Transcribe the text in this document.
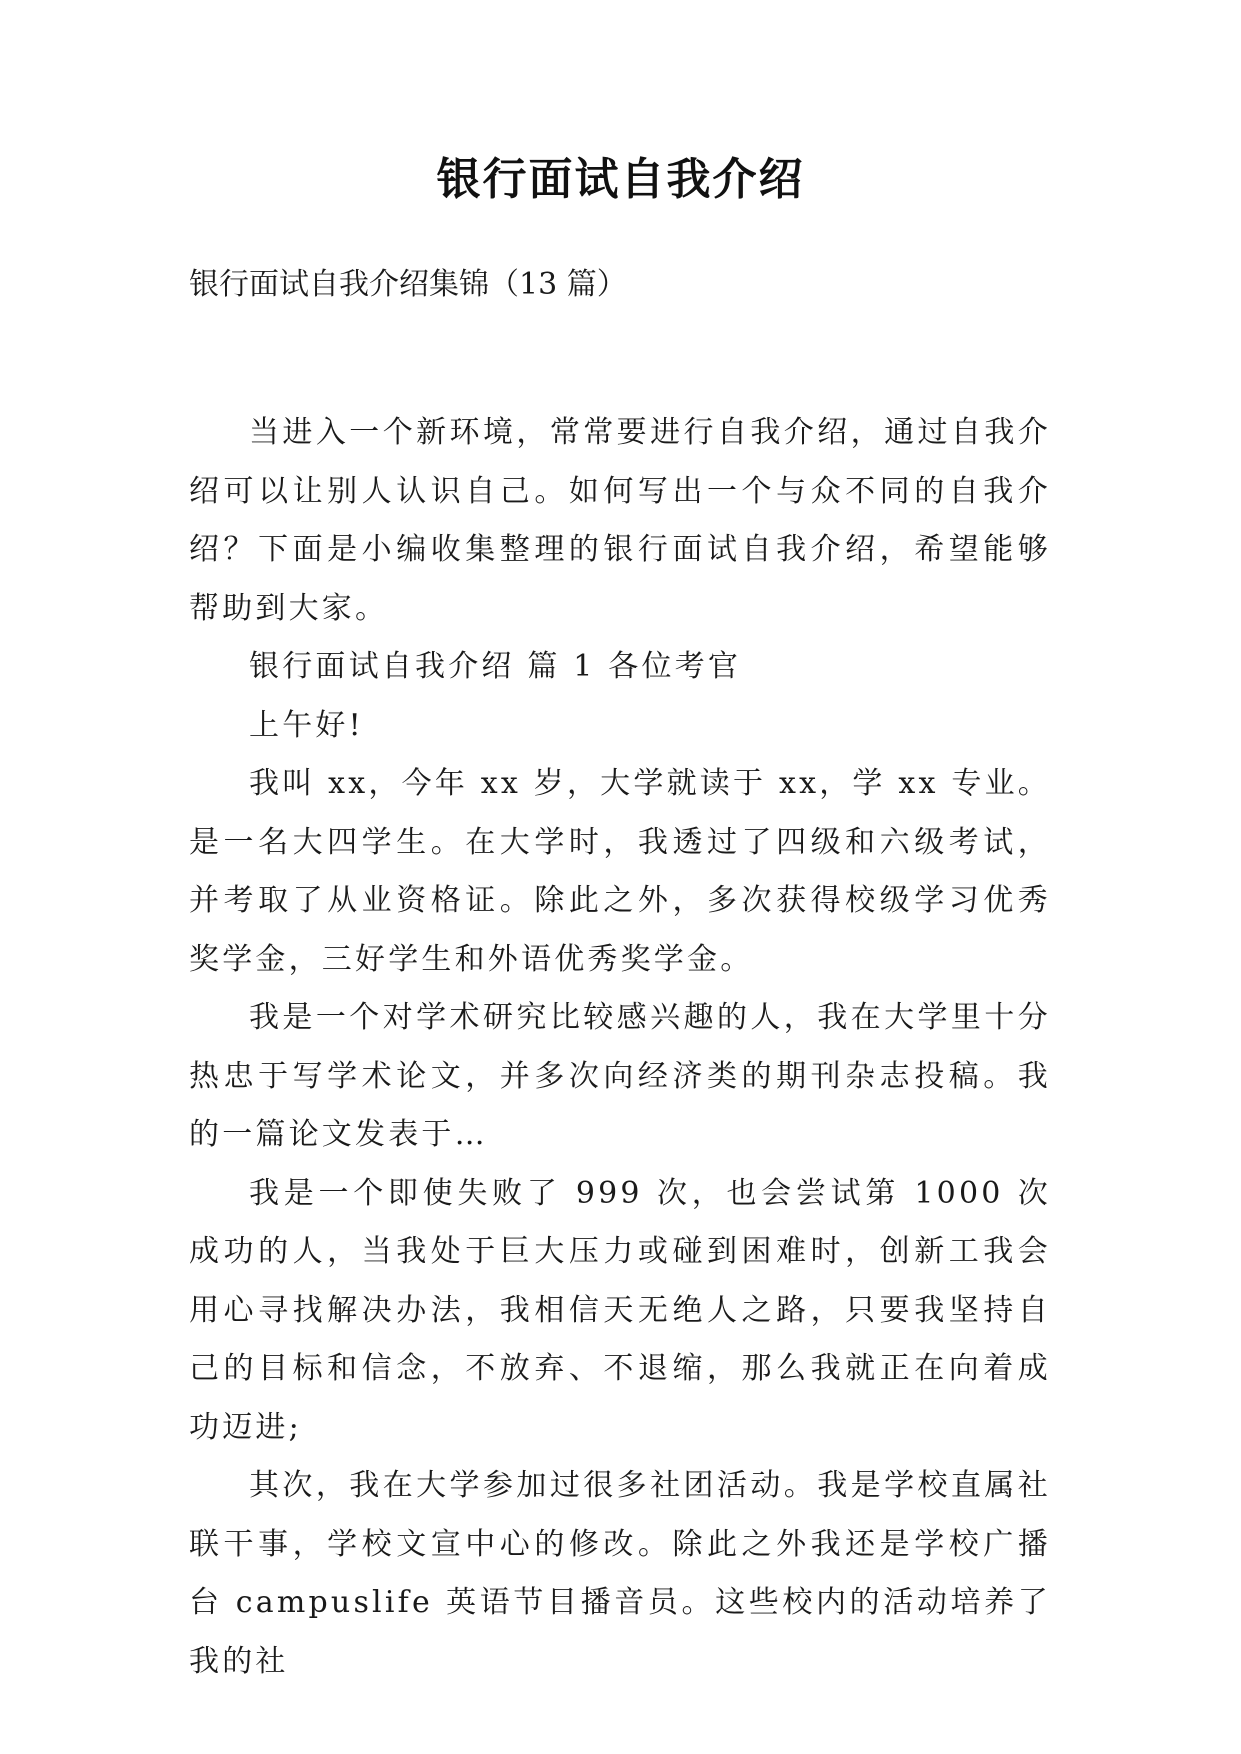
银行面试自我介绍
银行面试自我介绍集锦（13 篇）

当进入一个新环境，常常要进行自我介绍，通过自我介绍可以让别人认识自己。如何写出一个与众不同的自我介绍？下面是小编收集整理的银行面试自我介绍，希望能够帮助到大家。

银行面试自我介绍 篇 1 各位考官

上午好!

我叫 xx，今年 xx 岁，大学就读于 xx，学 xx 专业。是一名大四学生。在大学时，我透过了四级和六级考试，并考取了从业资格证。除此之外，多次获得校级学习优秀奖学金，三好学生和外语优秀奖学金。

我是一个对学术研究比较感兴趣的人，我在大学里十分热忠于写学术论文，并多次向经济类的期刊杂志投稿。我的一篇论文发表于…

我是一个即使失败了 999 次，也会尝试第 1000 次成功的人，当我处于巨大压力或碰到困难时，创新工我会用心寻找解决办法，我相信天无绝人之路，只要我坚持自己的目标和信念，不放弃、不退缩，那么我就正在向着成功迈进;

其次，我在大学参加过很多社团活动。我是学校直属社联干事，学校文宣中心的修改。除此之外我还是学校广播台 campuslife 英语节目播音员。这些校内的活动培养了我的社
